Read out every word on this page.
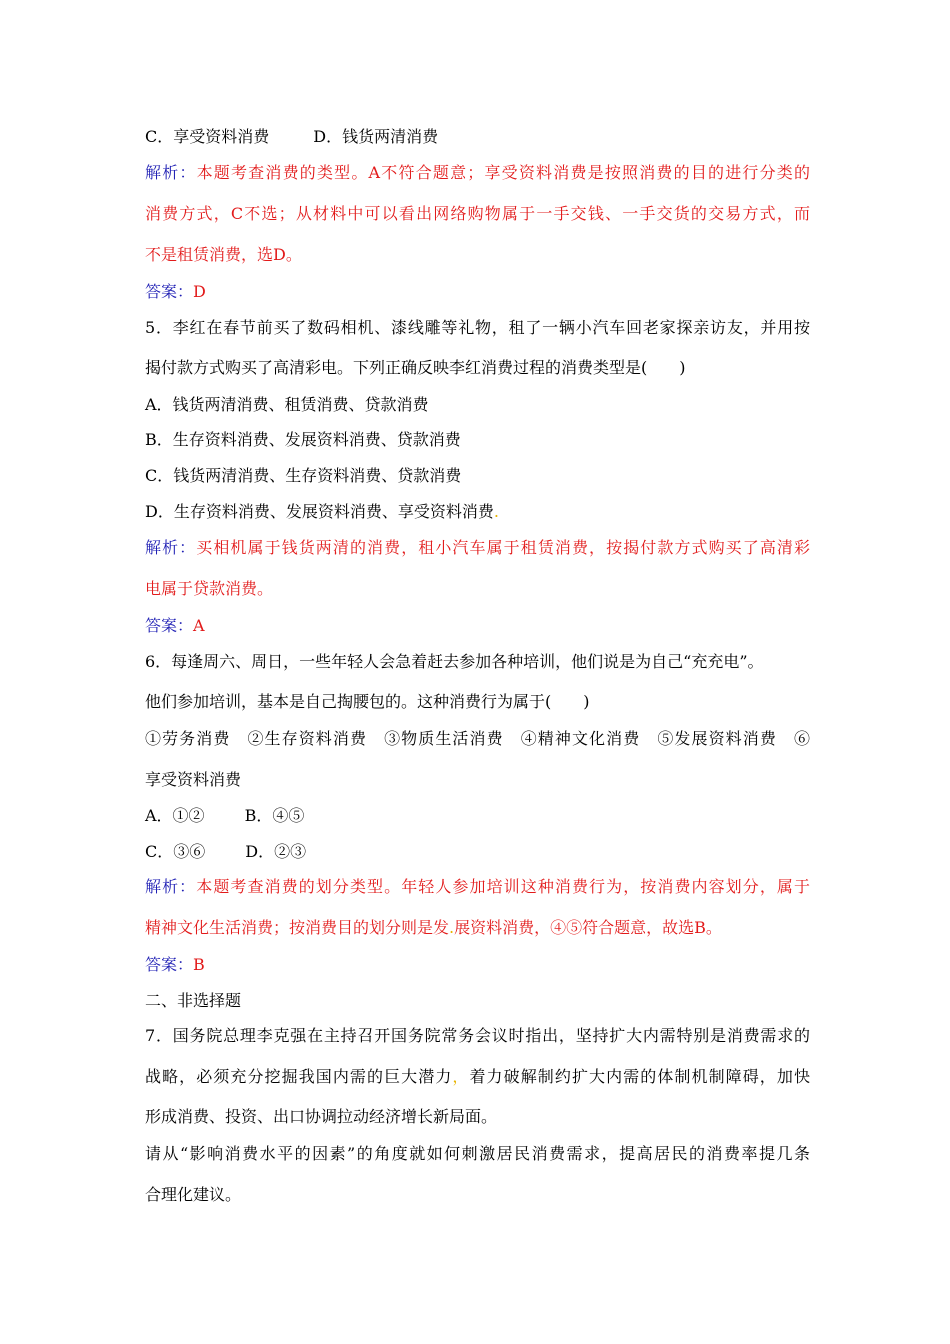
C．享受资料消费	D．钱货两清消费
解析：本题考查消费的类型。A不符合题意；享受资料消费是按照消费的目的进行分类的
消费方式，C不选；从材料中可以看出网络购物属于一手交钱、一手交货的交易方式，而
不是租赁消费，选D。
答案：D
5．李红在春节前买了数码相机、漆线雕等礼物，租了一辆小汽车回老家探亲访友，并用按
揭付款方式购买了高清彩电。下列正确反映李红消费过程的消费类型是(　　)
A．钱货两清消费、租赁消费、贷款消费
B．生存资料消费、发展资料消费、贷款消费
C．钱货两清消费、生存资料消费、贷款消费
D．生存资料消费、发展资料消费、享受资料消费.
解析：买相机属于钱货两清的消费，租小汽车属于租赁消费，按揭付款方式购买了高清彩
电属于贷款消费。
答案：A
6．每逢周六、周日，一些年轻人会急着赶去参加各种培训，他们说是为自己“充充电”。
他们参加培训，基本是自己掏腰包的。这种消费行为属于(　　)
①劳务消费　②生存资料消费　③物质生活消费　④精神文化消费　⑤发展资料消费　⑥
享受资料消费
A．①②	B．④⑤
C．③⑥	D．②③
解析：本题考查消费的划分类型。年轻人参加培训这种消费行为，按消费内容划分，属于
精神文化生活消费；按消费目的划分则是发.展资料消费，④⑤符合题意，故选B。
答案：B
二、非选择题
7．国务院总理李克强在主持召开国务院常务会议时指出，坚持扩大内需特别是消费需求的
战略，必须充分挖掘我国内需的巨大潜力，着力破解制约扩大内需的体制机制障碍，加快
形成消费、投资、出口协调拉动经济增长新局面。
请从“影响消费水平的因素”的角度就如何刺激居民消费需求，提高居民的消费率提几条
合理化建议。
